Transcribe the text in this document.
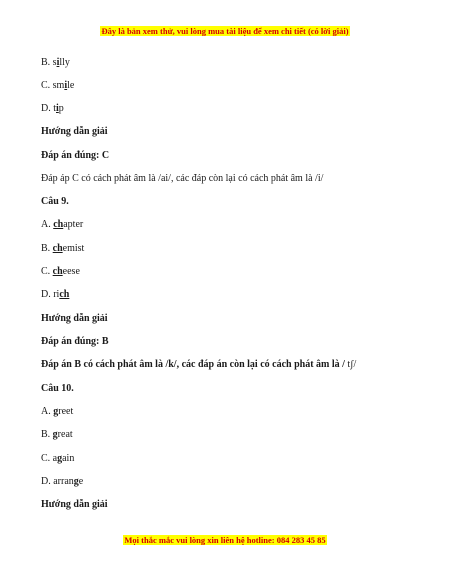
Đây là bản xem thử, vui lòng mua tài liệu để xem chi tiết (có lời giải)
B. silly
C. smile
D. tip
Hướng dẫn giải
Đáp án đúng: C
Đáp áp C có cách phát âm là /ai/, các đáp còn lại có cách phát âm là /i/
Câu 9.
A. chapter
B. chemist
C. cheese
D. rich
Hướng dẫn giải
Đáp án đúng: B
Đáp án B có cách phát âm là /k/, các đáp án còn lại có cách phát âm là / tʃ/
Câu 10.
A. greet
B. great
C. again
D. arrange
Hướng dẫn giải
Mọi thắc mắc vui lòng xin liên hệ hotline: 084 283 45 85
